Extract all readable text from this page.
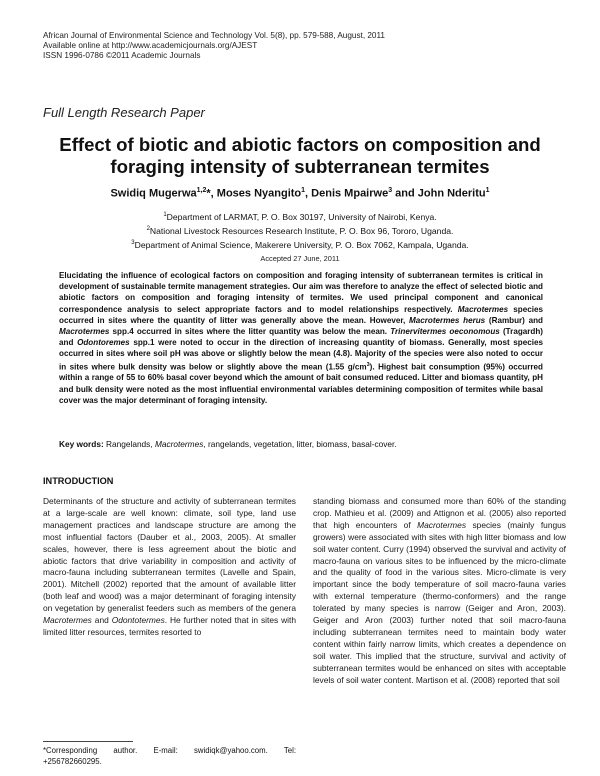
African Journal of Environmental Science and Technology Vol. 5(8), pp. 579-588, August, 2011
Available online at http://www.academicjournals.org/AJEST
ISSN 1996-0786 ©2011 Academic Journals
Full Length Research Paper
Effect of biotic and abiotic factors on composition and foraging intensity of subterranean termites
Swidiq Mugerwa$^{1,2}$*, Moses Nyangito$^1$, Denis Mpairwe$^3$ and John Nderitu$^1$
$^1$Department of LARMAT, P. O. Box 30197, University of Nairobi, Kenya.
$^2$National Livestock Resources Research Institute, P. O. Box 96, Tororo, Uganda.
$^3$Department of Animal Science, Makerere University, P. O. Box 7062, Kampala, Uganda.
Accepted 27 June, 2011
Elucidating the influence of ecological factors on composition and foraging intensity of subterranean termites is critical in development of sustainable termite management strategies. Our aim was therefore to analyze the effect of selected biotic and abiotic factors on composition and foraging intensity of termites. We used principal component and canonical correspondence analysis to select appropriate factors and to model relationships respectively. Macrotermes species occurred in sites where the quantity of litter was generally above the mean. However, Macrotermes herus (Rambur) and Macrotermes spp.4 occurred in sites where the litter quantity was below the mean. Trinervitermes oeconomous (Tragardh) and Odontoremes spp.1 were noted to occur in the direction of increasing quantity of biomass. Generally, most species occurred in sites where soil pH was above or slightly below the mean (4.8). Majority of the species were also noted to occur in sites where bulk density was below or slightly above the mean (1.55 $g/cm^3$). Highest bait consumption (95%) occurred within a range of 55 to 60% basal cover beyond which the amount of bait consumed reduced. Litter and biomass quantity, pH and bulk density were noted as the most influential environmental variables determining composition of termites while basal cover was the major determinant of foraging intensity.
Key words: Rangelands, Macrotermes, rangelands, vegetation, litter, biomass, basal-cover.
INTRODUCTION
Determinants of the structure and activity of subterranean termites at a large-scale are well known: climate, soil type, land use management practices and landscape structure are among the most influential factors (Dauber et al., 2003, 2005). At smaller scales, however, there is less agreement about the biotic and abiotic factors that drive variability in composition and activity of macro-fauna including subterranean termites (Lavelle and Spain, 2001). Mitchell (2002) reported that the amount of available litter (both leaf and wood) was a major determinant of foraging intensity on vegetation by generalist feeders such as members of the genera Macrotermes and Odontotermes. He further noted that in sites with limited litter resources, termites resorted to
standing biomass and consumed more than 60% of the standing crop. Mathieu et al. (2009) and Attignon et al. (2005) also reported that high encounters of Macrotermes species (mainly fungus growers) were associated with sites with high litter biomass and low soil water content. Curry (1994) observed the survival and activity of macro-fauna on various sites to be influenced by the micro-climate and the quality of food in the various sites. Micro-climate is very important since the body temperature of soil macro-fauna varies with external temperature (thermo-conformers) and the range tolerated by many species is narrow (Geiger and Aron, 2003). Geiger and Aron (2003) further noted that soil macro-fauna including subterranean termites need to maintain body water content within fairly narrow limits, which creates a dependence on soil water. This implied that the structure, survival and activity of subterranean termites would be enhanced on sites with acceptable levels of soil water content. Martison et al. (2008) reported that soil
*Corresponding author. E-mail: swidiqk@yahoo.com. Tel: +256782660295.
